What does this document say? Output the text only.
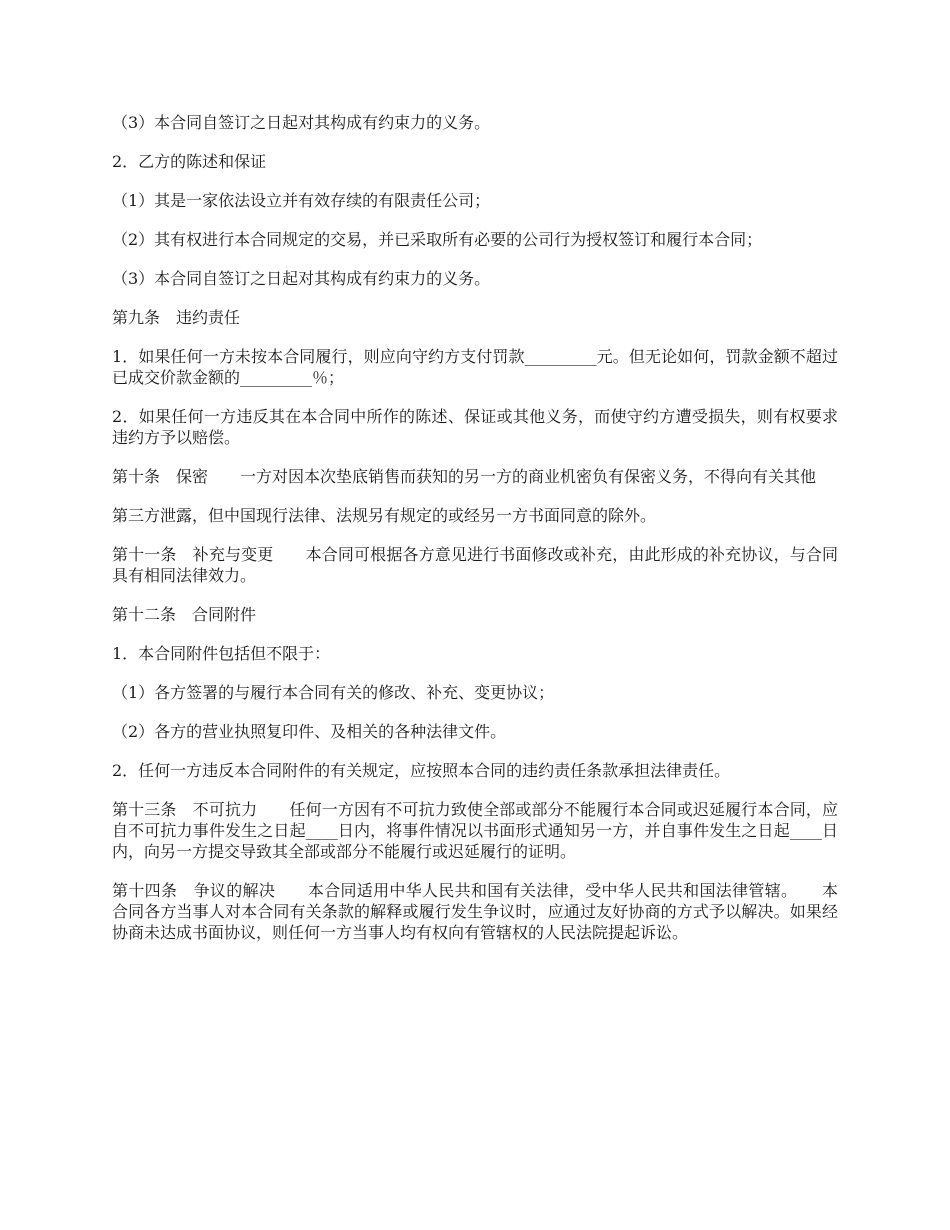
（3）本合同自签订之日起对其构成有约束力的义务。

2．乙方的陈述和保证

（1）其是一家依法设立并有效存续的有限责任公司；

（2）其有权进行本合同规定的交易，并已采取所有必要的公司行为授权签订和履行本合同；

（3）本合同自签订之日起对其构成有约束力的义务。

第九条　违约责任

1．如果任何一方未按本合同履行，则应向守约方支付罚款_________元。但无论如何，罚款金额不超过已成交价款金额的_________％；

2．如果任何一方违反其在本合同中所作的陈述、保证或其他义务，而使守约方遭受损失，则有权要求违约方予以赔偿。

第十条　保密　　一方对因本次垫底销售而获知的另一方的商业机密负有保密义务，不得向有关其他

第三方泄露，但中国现行法律、法规另有规定的或经另一方书面同意的除外。

第十一条　补充与变更　　本合同可根据各方意见进行书面修改或补充，由此形成的补充协议，与合同具有相同法律效力。

第十二条　合同附件

1．本合同附件包括但不限于：

（1）各方签署的与履行本合同有关的修改、补充、变更协议；

（2）各方的营业执照复印件、及相关的各种法律文件。

2．任何一方违反本合同附件的有关规定，应按照本合同的违约责任条款承担法律责任。

第十三条　不可抗力　　任何一方因有不可抗力致使全部或部分不能履行本合同或迟延履行本合同，应自不可抗力事件发生之日起____日内，将事件情况以书面形式通知另一方，并自事件发生之日起____日内，向另一方提交导致其全部或部分不能履行或迟延履行的证明。

第十四条　争议的解决　　本合同适用中华人民共和国有关法律，受中华人民共和国法律管辖。　　本合同各方当事人对本合同有关条款的解释或履行发生争议时，应通过友好协商的方式予以解决。如果经协商未达成书面协议，则任何一方当事人均有权向有管辖权的人民法院提起诉讼。
